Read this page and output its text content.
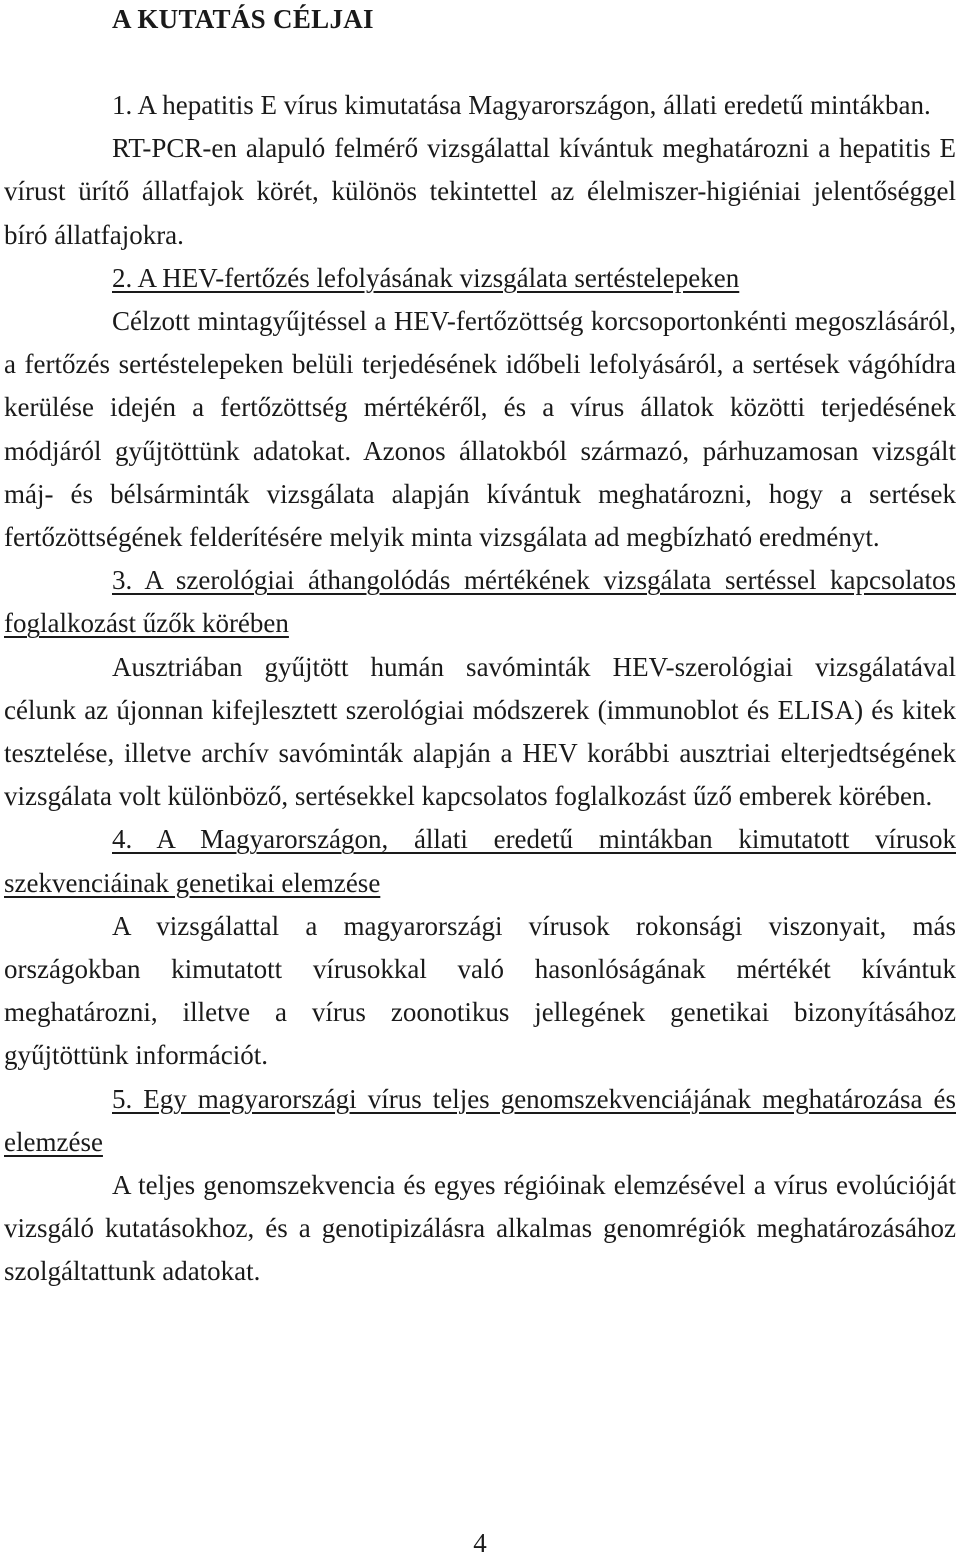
A KUTATÁS CÉLJAI

1. A hepatitis E vírus kimutatása Magyarországon, állati eredetű mintákban.

RT-PCR-en alapuló felmérő vizsgálattal kívántuk meghatározni a hepatitis E vírust ürítő állatfajok körét, különös tekintettel az élelmiszer-higiéniai jelentőséggel bíró állatfajokra.

2. A HEV-fertőzés lefolyásának vizsgálata sertéstelepeken

Célzott mintagyűjtéssel a HEV-fertőzöttség korcsoportonkénti megoszlásáról, a fertőzés sertéstelepeken belüli terjedésének időbeli lefolyásáról, a sertések vágóhídra kerülése idején a fertőzöttség mértékéről, és a vírus állatok közötti terjedésének módjáról gyűjtöttünk adatokat. Azonos állatokból származó, párhuzamosan vizsgált máj- és bélsárminták vizsgálata alapján kívántuk meghatározni, hogy a sertések fertőzöttségének felderítésére melyik minta vizsgálata ad megbízható eredményt.

3. A szerológiai áthangolódás mértékének vizsgálata sertéssel kapcsolatos foglalkozást űzők körében

Ausztriában gyűjtött humán savóminták HEV-szerológiai vizsgálatával célunk az újonnan kifejlesztett szerológiai módszerek (immunoblot és ELISA) és kitek tesztelése, illetve archív savóminták alapján a HEV korábbi ausztriai elterjedtségének vizsgálata volt különböző, sertésekkel kapcsolatos foglalkozást űző emberek körében.

4. A Magyarországon, állati eredetű mintákban kimutatott vírusok szekvenciáinak genetikai elemzése

A vizsgálattal a magyarországi vírusok rokonsági viszonyait, más országokban kimutatott vírusokkal való hasonlóságának mértékét kívántuk meghatározni, illetve a vírus zoonotikus jellegének genetikai bizonyításához gyűjtöttünk információt.

5. Egy magyarországi vírus teljes genomszekvenciájának meghatározása és elemzése

A teljes genomszekvencia és egyes régióinak elemzésével a vírus evolúcióját vizsgáló kutatásokhoz, és a genotipizálásra alkalmas genomrégiók meghatározásához szolgáltattunk adatokat.

4
